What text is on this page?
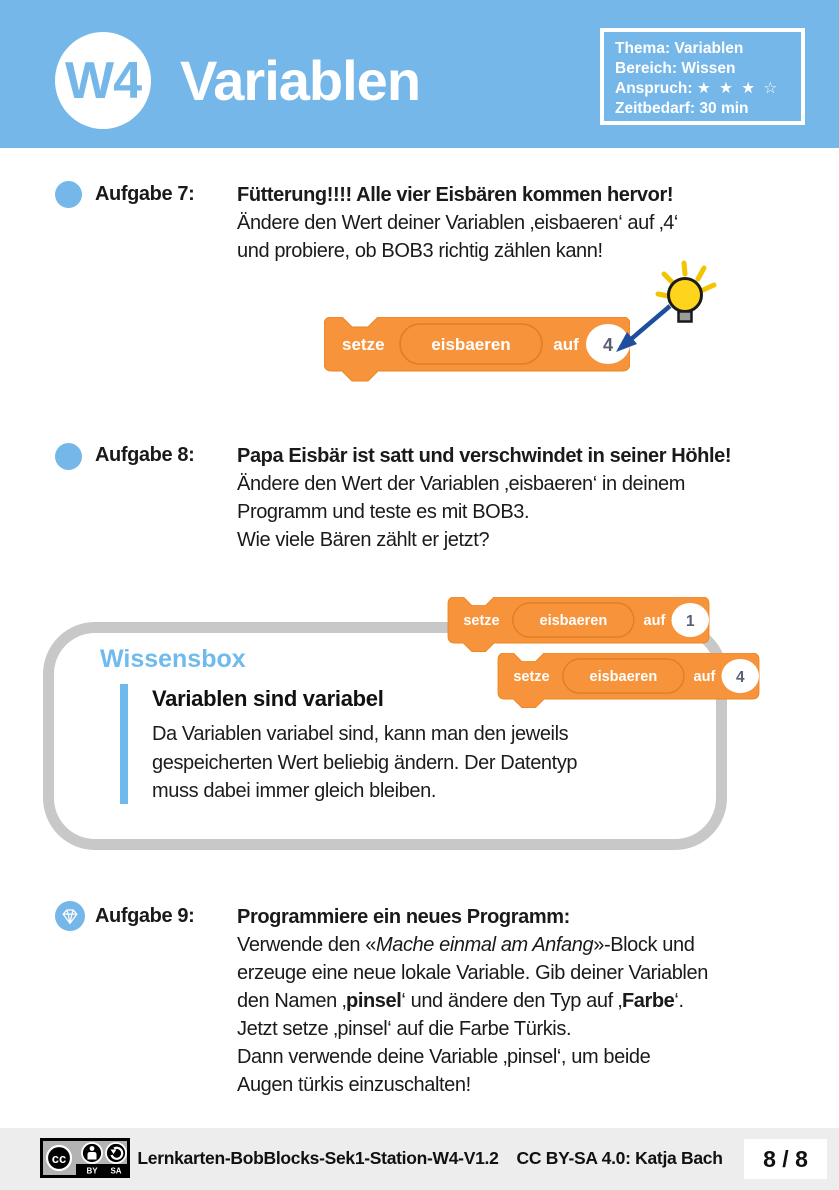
W4 Variablen
Thema: Variablen
Bereich: Wissen
Anspruch: ★ ★ ★ ☆
Zeitbedarf: 30 min
Aufgabe 7: Fütterung!!!! Alle vier Eisbären kommen hervor!
Ändere den Wert deiner Variablen ‚eisbaeren‘ auf ‚4‘
und probiere, ob BOB3 richtig zählen kann!
setze	eisbaeren	auf 4
Aufgabe 8: Papa Eisbär ist satt und verschwindet in seiner Höhle!
Ändere den Wert der Variablen ‚eisbaeren‘ in deinem
Programm und teste es mit BOB3.
Wie viele Bären zählt er jetzt?
Wissensbox
Variablen sind variabel
Da Variablen variabel sind, kann man den jeweils
gespeicherten Wert beliebig ändern. Der Datentyp
muss dabei immer gleich bleiben.
setze eisbaeren auf 1
setze eisbaeren auf 4
Aufgabe 9: Programmiere ein neues Programm:
Verwende den «Mache einmal am Anfang»-Block und
erzeuge eine neue lokale Variable. Gib deiner Variablen
den Namen ‚pinsel‘ und ändere den Typ auf ‚Farbe‘.
Jetzt setze ‚pinsel‘ auf die Farbe Türkis.
Dann verwende deine Variable ‚pinsel‘, um beide
Augen türkis einzuschalten!
cc
BY SA
Lernkarten-BobBlocks-Sek1-Station-W4-V1.2 CC BY-SA 4.0: Katja Bach	8 / 8
